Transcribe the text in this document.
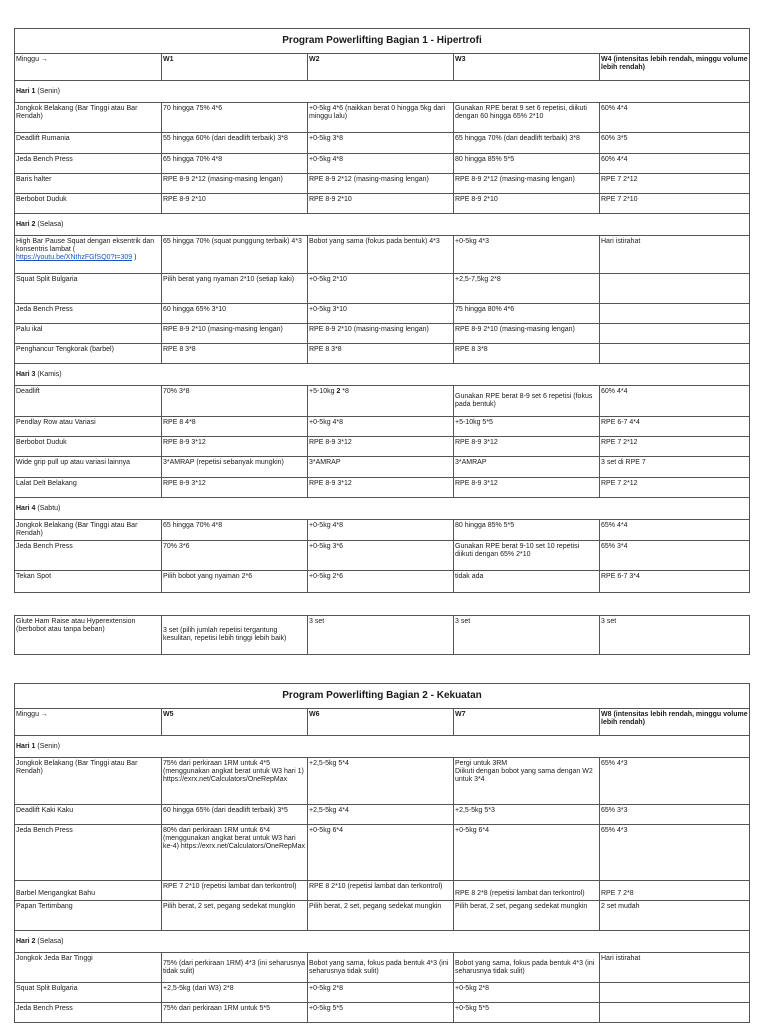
Program Powerlifting Bagian 1 - Hipertrofi				
Minggu →	W1	W2	W3	W4 (intensitas lebih rendah, minggu volume lebih rendah)
Hari 1 (Senin)				
Jongkok Belakang (Bar Tinggi atau Bar Rendah)	70 hingga 75% 4*6	+0-5kg 4*6 (naikkan berat 0 hingga 5kg dari minggu lalu)	Gunakan RPE berat 9 set 6 repetisi, diikuti dengan 60 hingga 65% 2*10	60% 4*4
Deadlift Rumania	55 hingga 60% (dari deadlift terbaik) 3*8	+0-5kg 3*8	65 hingga 70% (dari deadlift terbaik) 3*8	60% 3*5
Jeda Bench Press	65 hingga 70% 4*8	+0-5kg 4*8	80 hingga 85% 5*5	60% 4*4
Baris halter	RPE 8-9 2*12 (masing-masing lengan)	RPE 8-9 2*12 (masing-masing lengan)	RPE 8-9 2*12 (masing-masing lengan)	RPE 7 2*12
Berbobot Duduk	RPE 8-9 2*10	RPE 8-9 2*10	RPE 8-9 2*10	RPE 7 2*10
Hari 2 (Selasa)				
High Bar Pause Squat dengan eksentrik dan konsentris lambat (
https://youtu.be/XNthzFGfSQ0?t=309 )	65 hingga 70% (squat punggung terbaik) 4*3	Bobot yang sama (fokus pada bentuk) 4*3	+0-5kg 4*3	Hari istirahat
Squat Split Bulgaria	Pilih berat yang nyaman 2*10 (setiap kaki)	+0-5kg 2*10	+2,5-7,5kg 2*8	
Jeda Bench Press	60 hingga 65% 3*10	+0-5kg 3*10	75 hingga 80% 4*6	
Palu ikal	RPE 8-9 2*10 (masing-masing lengan)	RPE 8-9 2*10 (masing-masing lengan)	RPE 8-9 2*10 (masing-masing lengan)	
Penghancur Tengkorak (barbel)	RPE 8 3*8	RPE 8 3*8	RPE 8 3*8	
Hari 3 (Kamis)				
Deadlift	70% 3*8	+5-10kg 2 *8	Gunakan RPE berat 8-9 set 6 repetisi (fokus pada bentuk)	60% 4*4
Pendlay Row atau Variasi	RPE 8 4*8	+0-5kg 4*8	+5-10kg 5*5	RPE 6-7 4*4
Berbobot Duduk	RPE 8-9 3*12	RPE 8-9 3*12	RPE 8-9 3*12	RPE 7 2*12
Wide grip pull up atau variasi lainnya	3*AMRAP (repetisi sebanyak mungkin)	3*AMRAP	3*AMRAP	3 set di RPE 7
Lalat Delt Belakang	RPE 8-9 3*12	RPE 8-9 3*12	RPE 8-9 3*12	RPE 7 2*12
Hari 4 (Sabtu)				
Jongkok Belakang (Bar Tinggi atau Bar Rendah)	65 hingga 70% 4*8	+0-5kg 4*8	80 hingga 85% 5*5	65% 4*4
Jeda Bench Press	70% 3*6	+0-5kg 3*6	Gunakan RPE berat 9-10 set 10 repetisi diikuti dengan 65% 2*10	65% 3*4
Tekan Spot	Pilih bobot yang nyaman 2*6	+0-5kg 2*6	tidak ada	RPE 6-7 3*4
Glute Ham Raise atau Hyperextension (berbobot atau tanpa beban)	3 set (pilih jumlah repetisi tergantung kesulitan, repetisi lebih tinggi lebih baik)	3 set	3 set	3 set
Program Powerlifting Bagian 2 - Kekuatan				
Minggu →	W5	W6	W7	W8 (intensitas lebih rendah, minggu volume lebih rendah)
Hari 1 (Senin)				
Jongkok Belakang (Bar Tinggi atau Bar Rendah)	75% dari perkiraan 1RM untuk 4*5 (menggunakan angkat berat untuk W3 hari 1) https://exrx.net/Calculators/OneRepMax	+2,5-5kg 5*4	Pergi untuk 3RM
Diikuti dengan bobot yang sama dengan W2 untuk 3*4	65% 4*3
Deadlift Kaki Kaku	60 hingga 65% (dari deadlift terbaik) 3*5	+2,5-5kg 4*4	+2,5-5kg 5*3	65% 3*3
Jeda Bench Press	80% dari perkiraan 1RM untuk 6*4 (menggunakan angkat berat untuk W3 hari ke-4) https://exrx.net/Calculators/OneRepMax	+0-5kg 6*4	+0-5kg 6*4	65% 4*3
Barbel Mengangkat Bahu	RPE 7 2*10 (repetisi lambat dan terkontrol)	RPE 8 2*10 (repetisi lambat dan terkontrol)	RPE 8 2*8 (repetisi lambat dan terkontrol)	RPE 7 2*8
Papan Tertimbang	Pilih berat, 2 set, pegang sedekat mungkin	Pilih berat, 2 set, pegang sedekat mungkin	Pilih berat, 2 set, pegang sedekat mungkin	2 set mudah
Hari 2 (Selasa)				
Jongkok Jeda Bar Tinggi	75% (dari perkiraan 1RM) 4*3 (ini seharusnya tidak sulit)	Bobot yang sama, fokus pada bentuk 4*3 (ini seharusnya tidak sulit)	Bobot yang sama, fokus pada bentuk 4*3 (ini seharusnya tidak sulit)	Hari istirahat
Squat Split Bulgaria	+2,5-5kg (dari W3) 2*8	+0-5kg 2*8	+0-5kg 2*8	
Jeda Bench Press	75% dari perkiraan 1RM untuk 5*5	+0-5kg 5*5	+0-5kg 5*5	
